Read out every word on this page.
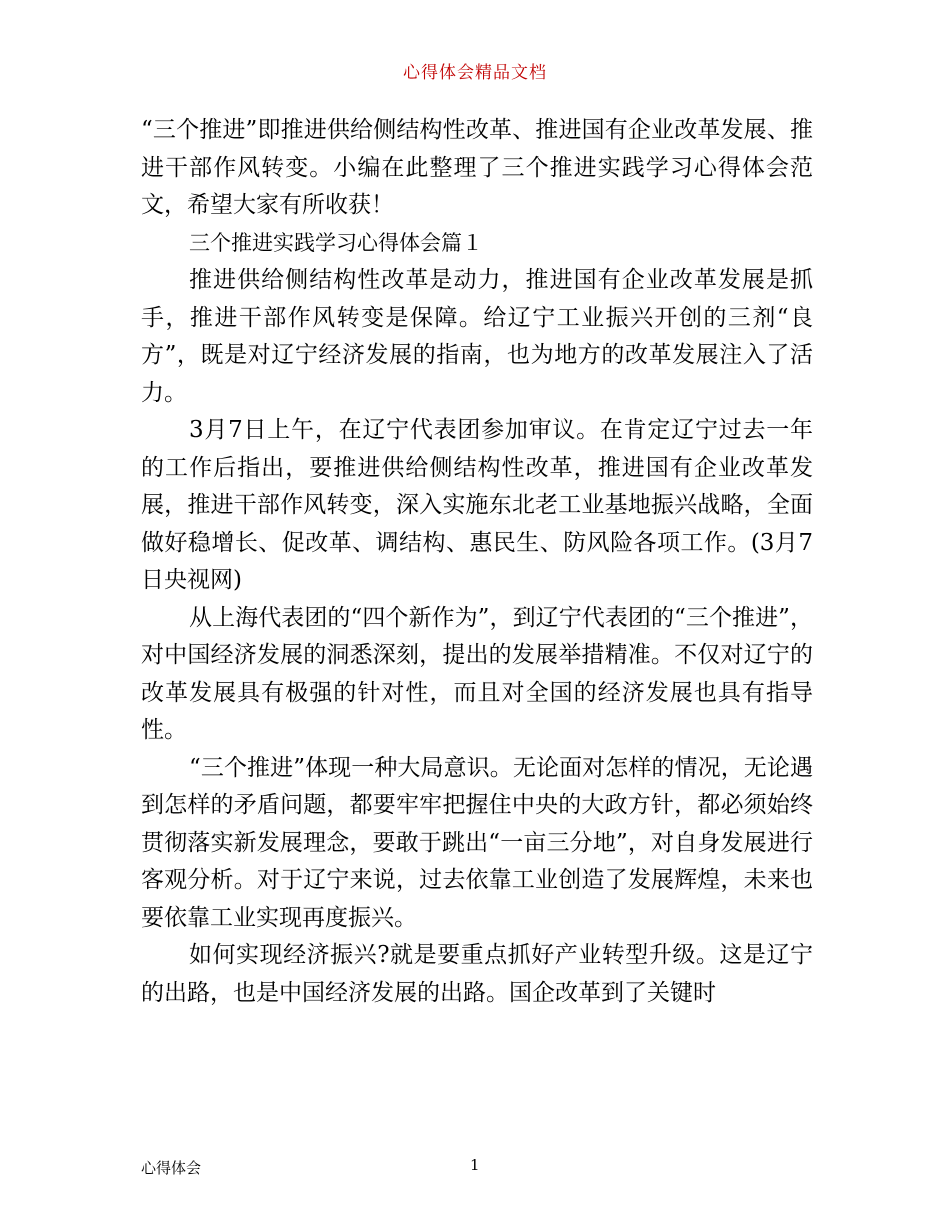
心得体会精品文档

“三个推进”即推进供给侧结构性改革、推进国有企业改革发展、推进干部作风转变。小编在此整理了三个推进实践学习心得体会范文，希望大家有所收获！

三个推进实践学习心得体会篇１

推进供给侧结构性改革是动力，推进国有企业改革发展是抓手，推进干部作风转变是保障。给辽宁工业振兴开创的三剂“良方”，既是对辽宁经济发展的指南，也为地方的改革发展注入了活力。

3月7日上午，在辽宁代表团参加审议。在肯定辽宁过去一年的工作后指出，要推进供给侧结构性改革，推进国有企业改革发展，推进干部作风转变，深入实施东北老工业基地振兴战略，全面做好稳增长、促改革、调结构、惠民生、防风险各项工作。(3月7日央视网)

从上海代表团的“四个新作为”，到辽宁代表团的“三个推进”，对中国经济发展的洞悉深刻，提出的发展举措精准。不仅对辽宁的改革发展具有极强的针对性，而且对全国的经济发展也具有指导性。

“三个推进”体现一种大局意识。无论面对怎样的情况，无论遇到怎样的矛盾问题，都要牢牢把握住中央的大政方针，都必须始终贯彻落实新发展理念，要敢于跳出“一亩三分地”，对自身发展进行客观分析。对于辽宁来说，过去依靠工业创造了发展辉煌，未来也要依靠工业实现再度振兴。

如何实现经济振兴?就是要重点抓好产业转型升级。这是辽宁的出路，也是中国经济发展的出路。国企改革到了关键时

心得体会	1
